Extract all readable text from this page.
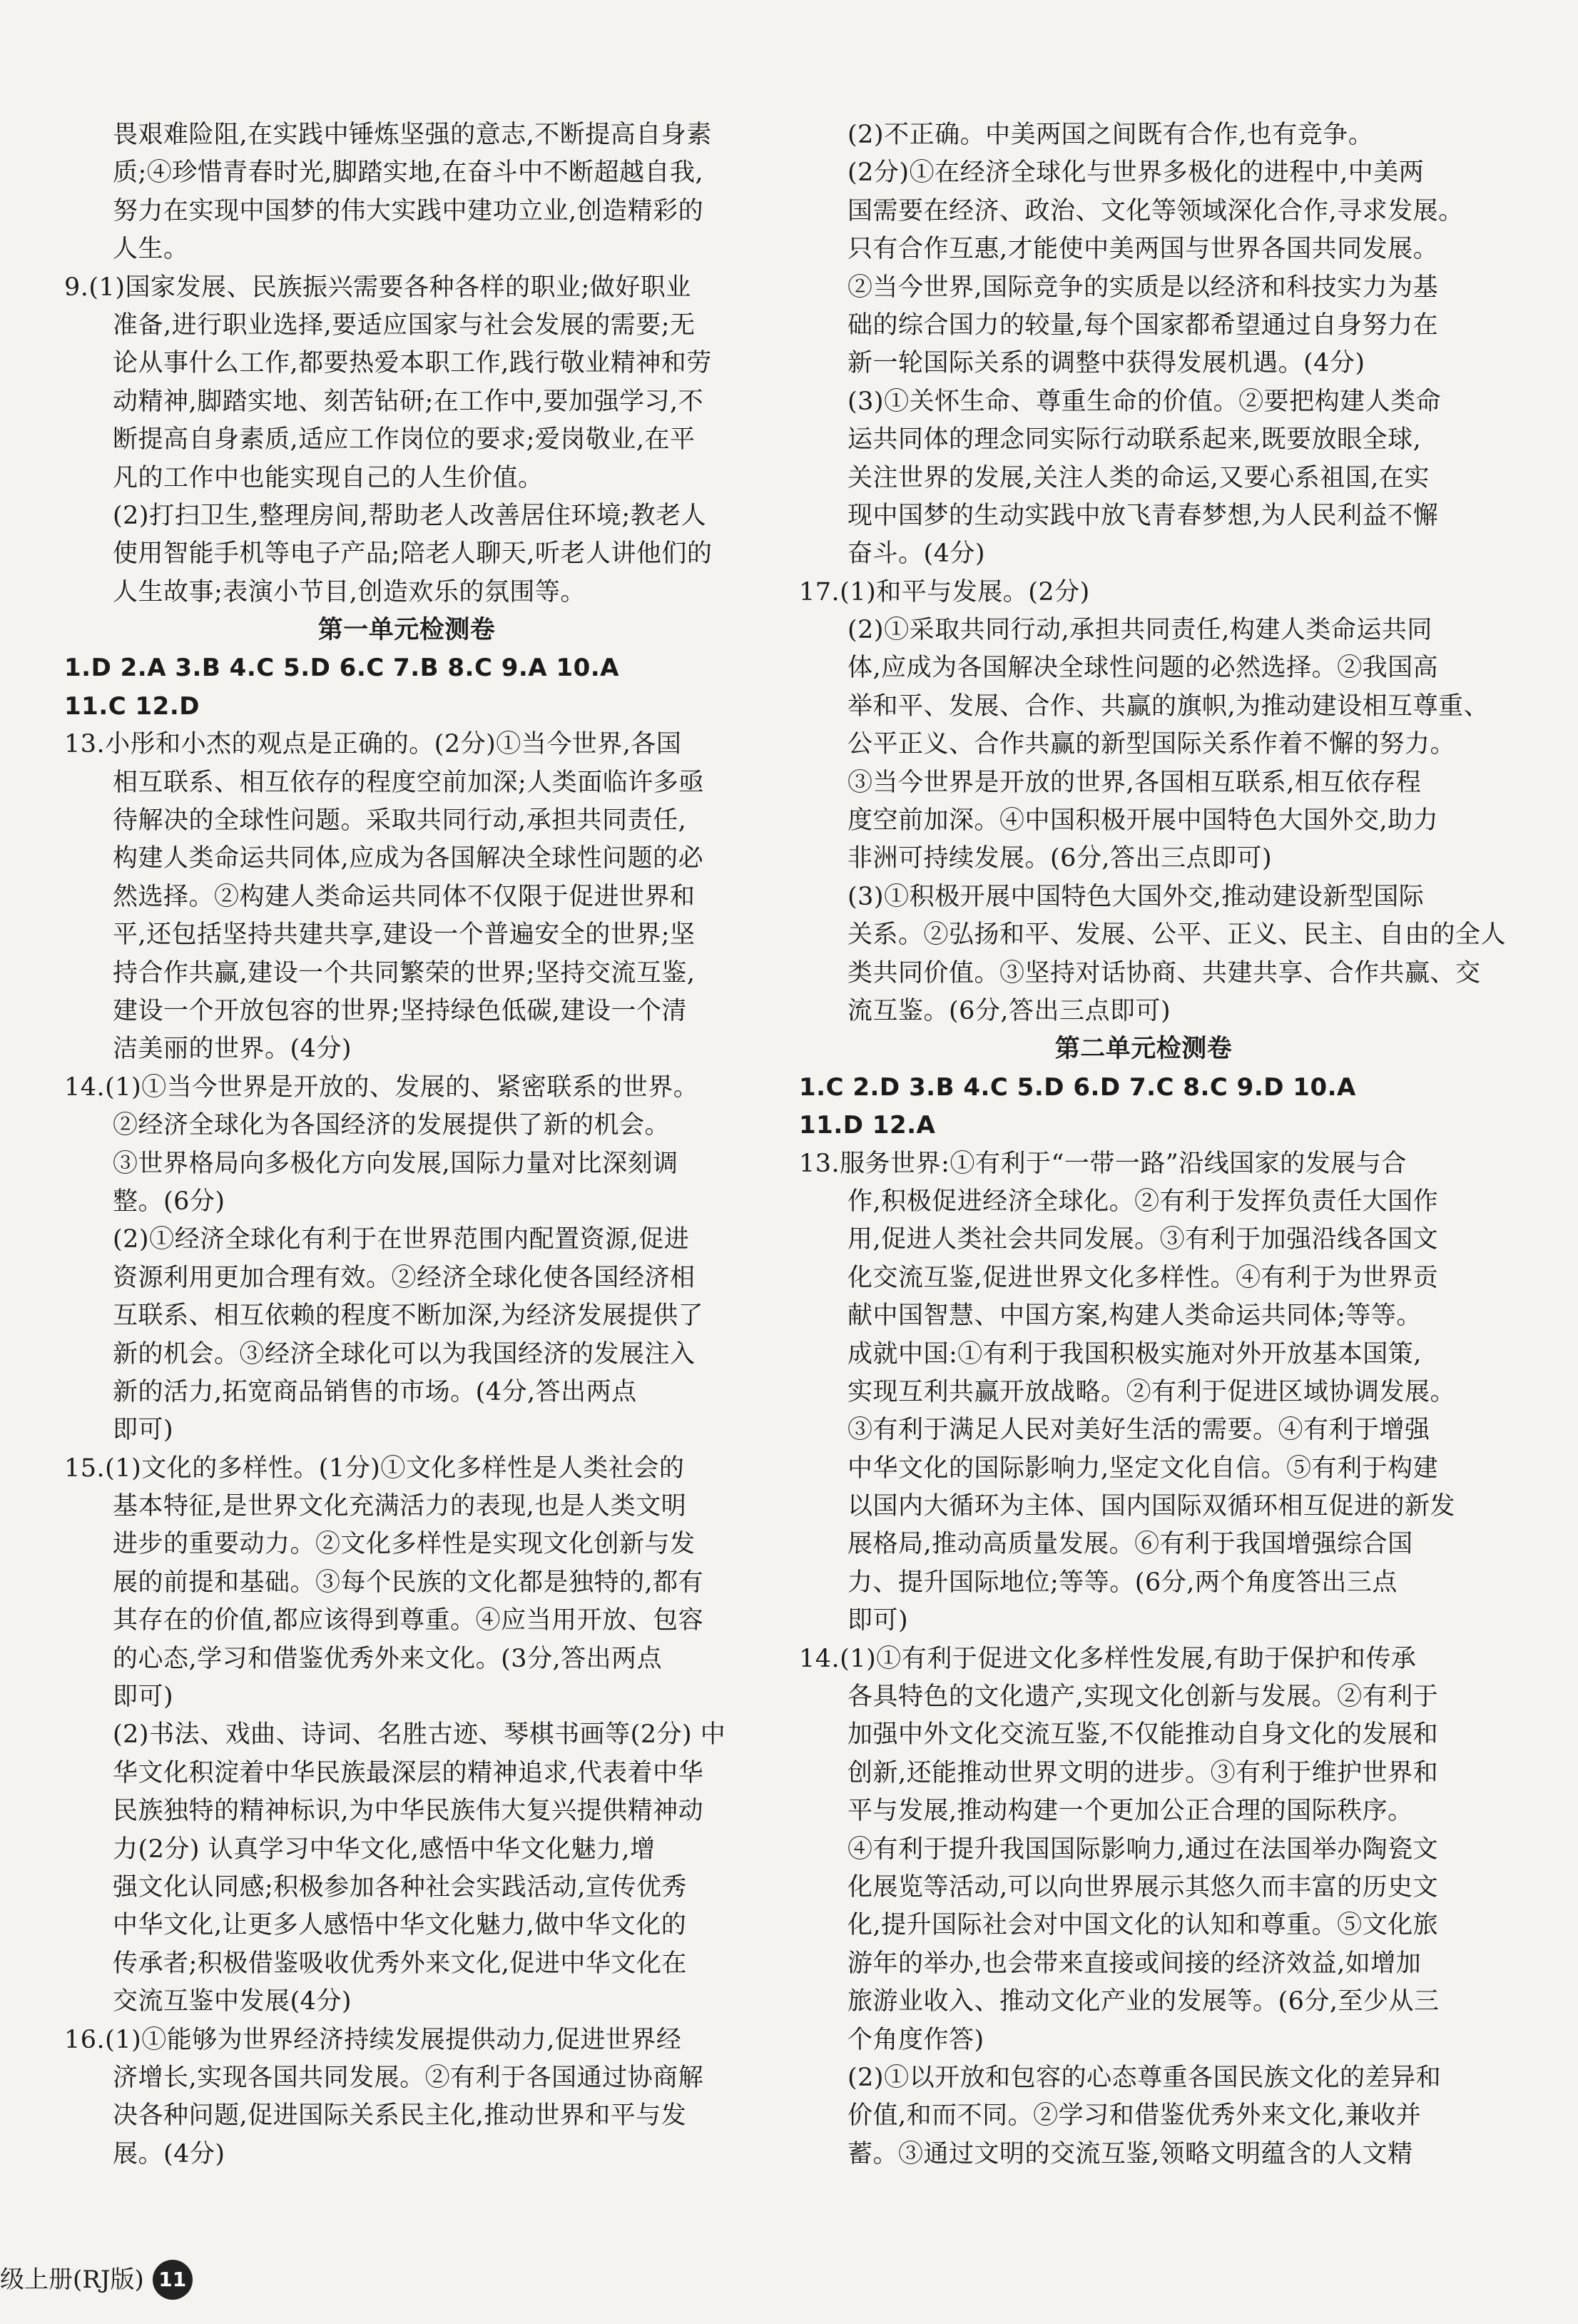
畏艰难险阻,在实践中锤炼坚强的意志,不断提高自身素
质;④珍惜青春时光,脚踏实地,在奋斗中不断超越自我,
努力在实现中国梦的伟大实践中建功立业,创造精彩的
人生。
9.(1)国家发展、民族振兴需要各种各样的职业;做好职业
准备,进行职业选择,要适应国家与社会发展的需要;无
论从事什么工作,都要热爱本职工作,践行敬业精神和劳
动精神,脚踏实地、刻苦钻研;在工作中,要加强学习,不
断提高自身素质,适应工作岗位的要求;爱岗敬业,在平
凡的工作中也能实现自己的人生价值。
(2)打扫卫生,整理房间,帮助老人改善居住环境;教老人
使用智能手机等电子产品;陪老人聊天,听老人讲他们的
人生故事;表演小节目,创造欢乐的氛围等。
第一单元检测卷
1.D 2.A 3.B 4.C 5.D 6.C 7.B 8.C 9.A 10.A
11.C 12.D
13.小彤和小杰的观点是正确的。(2分)①当今世界,各国
相互联系、相互依存的程度空前加深;人类面临许多亟
待解决的全球性问题。采取共同行动,承担共同责任,
构建人类命运共同体,应成为各国解决全球性问题的必
然选择。②构建人类命运共同体不仅限于促进世界和
平,还包括坚持共建共享,建设一个普遍安全的世界;坚
持合作共赢,建设一个共同繁荣的世界;坚持交流互鉴,
建设一个开放包容的世界;坚持绿色低碳,建设一个清
洁美丽的世界。(4分)
14.(1)①当今世界是开放的、发展的、紧密联系的世界。
②经济全球化为各国经济的发展提供了新的机会。
③世界格局向多极化方向发展,国际力量对比深刻调
整。(6分)
(2)①经济全球化有利于在世界范围内配置资源,促进
资源利用更加合理有效。②经济全球化使各国经济相
互联系、相互依赖的程度不断加深,为经济发展提供了
新的机会。③经济全球化可以为我国经济的发展注入
新的活力,拓宽商品销售的市场。(4分,答出两点
即可)
15.(1)文化的多样性。(1分)①文化多样性是人类社会的
基本特征,是世界文化充满活力的表现,也是人类文明
进步的重要动力。②文化多样性是实现文化创新与发
展的前提和基础。③每个民族的文化都是独特的,都有
其存在的价值,都应该得到尊重。④应当用开放、包容
的心态,学习和借鉴优秀外来文化。(3分,答出两点
即可)
(2)书法、戏曲、诗词、名胜古迹、琴棋书画等(2分) 中
华文化积淀着中华民族最深层的精神追求,代表着中华
民族独特的精神标识,为中华民族伟大复兴提供精神动
力(2分) 认真学习中华文化,感悟中华文化魅力,增
强文化认同感;积极参加各种社会实践活动,宣传优秀
中华文化,让更多人感悟中华文化魅力,做中华文化的
传承者;积极借鉴吸收优秀外来文化,促进中华文化在
交流互鉴中发展(4分)
16.(1)①能够为世界经济持续发展提供动力,促进世界经
济增长,实现各国共同发展。②有利于各国通过协商解
决各种问题,促进国际关系民主化,推动世界和平与发
展。(4分)
(2)不正确。中美两国之间既有合作,也有竞争。
(2分)①在经济全球化与世界多极化的进程中,中美两
国需要在经济、政治、文化等领域深化合作,寻求发展。
只有合作互惠,才能使中美两国与世界各国共同发展。
②当今世界,国际竞争的实质是以经济和科技实力为基
础的综合国力的较量,每个国家都希望通过自身努力在
新一轮国际关系的调整中获得发展机遇。(4分)
(3)①关怀生命、尊重生命的价值。②要把构建人类命
运共同体的理念同实际行动联系起来,既要放眼全球,
关注世界的发展,关注人类的命运,又要心系祖国,在实
现中国梦的生动实践中放飞青春梦想,为人民利益不懈
奋斗。(4分)
17.(1)和平与发展。(2分)
(2)①采取共同行动,承担共同责任,构建人类命运共同
体,应成为各国解决全球性问题的必然选择。②我国高
举和平、发展、合作、共赢的旗帜,为推动建设相互尊重、
公平正义、合作共赢的新型国际关系作着不懈的努力。
③当今世界是开放的世界,各国相互联系,相互依存程
度空前加深。④中国积极开展中国特色大国外交,助力
非洲可持续发展。(6分,答出三点即可)
(3)①积极开展中国特色大国外交,推动建设新型国际
关系。②弘扬和平、发展、公平、正义、民主、自由的全人
类共同价值。③坚持对话协商、共建共享、合作共赢、交
流互鉴。(6分,答出三点即可)
第二单元检测卷
1.C 2.D 3.B 4.C 5.D 6.D 7.C 8.C 9.D 10.A
11.D 12.A
13.服务世界:①有利于“一带一路”沿线国家的发展与合
作,积极促进经济全球化。②有利于发挥负责任大国作
用,促进人类社会共同发展。③有利于加强沿线各国文
化交流互鉴,促进世界文化多样性。④有利于为世界贡
献中国智慧、中国方案,构建人类命运共同体;等等。
成就中国:①有利于我国积极实施对外开放基本国策,
实现互利共赢开放战略。②有利于促进区域协调发展。
③有利于满足人民对美好生活的需要。④有利于增强
中华文化的国际影响力,坚定文化自信。⑤有利于构建
以国内大循环为主体、国内国际双循环相互促进的新发
展格局,推动高质量发展。⑥有利于我国增强综合国
力、提升国际地位;等等。(6分,两个角度答出三点
即可)
14.(1)①有利于促进文化多样性发展,有助于保护和传承
各具特色的文化遗产,实现文化创新与发展。②有利于
加强中外文化交流互鉴,不仅能推动自身文化的发展和
创新,还能推动世界文明的进步。③有利于维护世界和
平与发展,推动构建一个更加公正合理的国际秩序。
④有利于提升我国国际影响力,通过在法国举办陶瓷文
化展览等活动,可以向世界展示其悠久而丰富的历史文
化,提升国际社会对中国文化的认知和尊重。⑤文化旅
游年的举办,也会带来直接或间接的经济效益,如增加
旅游业收入、推动文化产业的发展等。(6分,至少从三
个角度作答)
(2)①以开放和包容的心态尊重各国民族文化的差异和
价值,和而不同。②学习和借鉴优秀外来文化,兼收并
蓄。③通过文明的交流互鉴,领略文明蕴含的人文精
级上册(RJ版) 11
